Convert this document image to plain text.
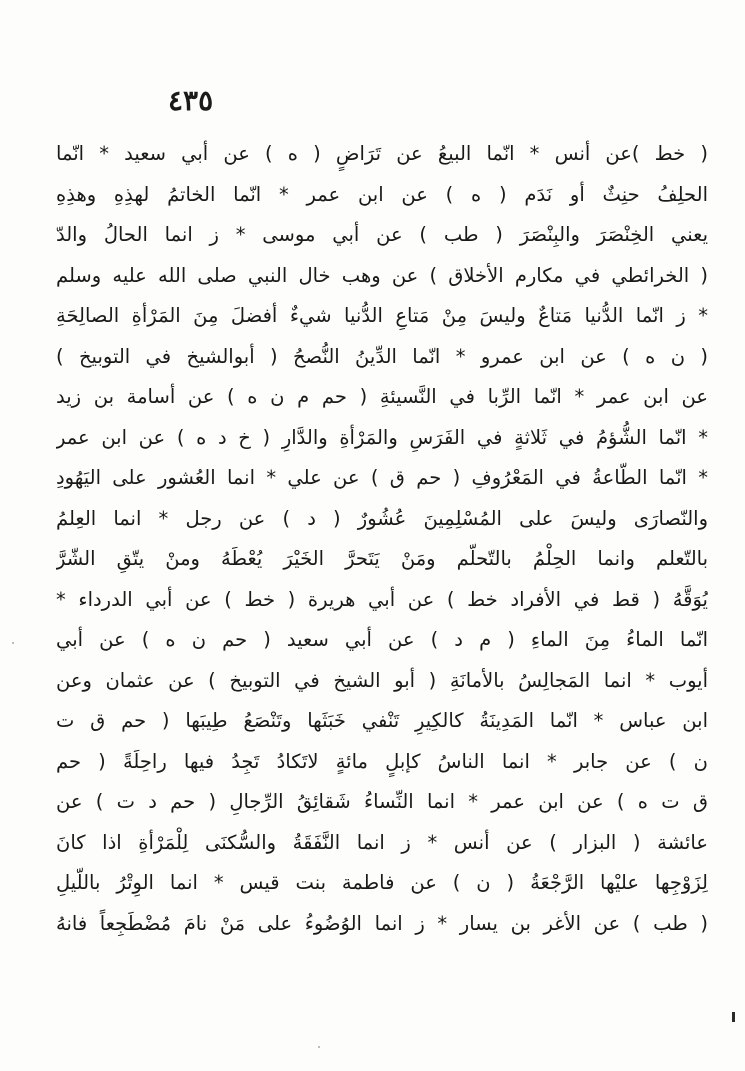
٤٣٥
( خط )عن أنس * انّما البيعُ عن تَرَاضٍ ( ه ) عن أبي سعيد * انّما
الحلِفُ حنِثٌ أو نَدَم ( ه ) عن ابن عمر * انّما الخاتمُ لهذِهِ وهذِهِ
يعني الخِنْصَرَ والبِنْصَرَ ( طب ) عن أبي موسى * ز انما الحالُ والدّ
( الخرائطي في مكارم الأخلاق ) عن وهب خال النبي صلى الله عليه وسلم
* ز انّما الدُّنيا مَتاعٌ وليسَ مِنْ مَتاعِ الدُّنيا شيءٌ أفضلَ مِنَ المَرْأةِ الصالِحَةِ
( ن ه ) عن ابن عمرو * انّما الدِّينُ النُّصحُ ( أبوالشيخ في التوبيخ )
عن ابن عمر * انّما الرِّبا في النَّسيئةِ ( حم م ن ه ) عن أسامة بن زيد
* انّما الشُّؤمُ في ثَلاثةٍ في الفَرَسِ والمَرْأةِ والدَّارِ ( خ د ه ) عن ابن عمر
* انّما الطّاعةُ في المَعْرُوفِ ( حم ق ) عن علي * انما العُشور على اليَهُودِ
والنّصارَى وليسَ على المُسْلِمِينَ عُشُورٌ ( د ) عن رجل * انما العِلمُ
بالتّعلم وانما الحِلْمُ بالتّحلّم ومَنْ يَتَحرَّ الخَيْرَ يُعْطَهُ ومنْ يتّقِ الشّرَّ
يُوَقَّهُ ( قط في الأفراد خط ) عن أبي هريرة ( خط ) عن أبي الدرداء *
انّما الماءُ مِنَ الماءِ ( م د ) عن أبي سعيد ( حم ن ه ) عن أبي
أيوب * انما المَجالِسُ بالأمانَةِ ( أبو الشيخ في التوبيخ ) عن عثمان وعن
ابن عباس * انّما المَدِينَةُ كالكِيرِ تَنْفي خَبَثَها وتَنْصَعُ طِيبَها ( حم ق ت
ن ) عن جابر * انما الناسُ كإبلٍ مائةٍ لاتَكادُ تَجِدُ فيها راحِلَةً ( حم
ق ت ه ) عن ابن عمر * انما النِّساءُ شَقائِقُ الرِّجالِ ( حم د ت ) عن
عائشة ( البزار ) عن أنس * ز انما النَّفَقَةُ والسُّكنَى لِلْمَرْأةِ اذا كانَ
لِزَوْجِها عليْها الرَّجْعَةُ ( ن ) عن فاطمة بنت قيس * انما الوِتْرُ باللّيلِ
( طب ) عن الأغر بن يسار * ز انما الوُضُوءُ على مَنْ نامَ مُضْطَجِعاً فانهُ
